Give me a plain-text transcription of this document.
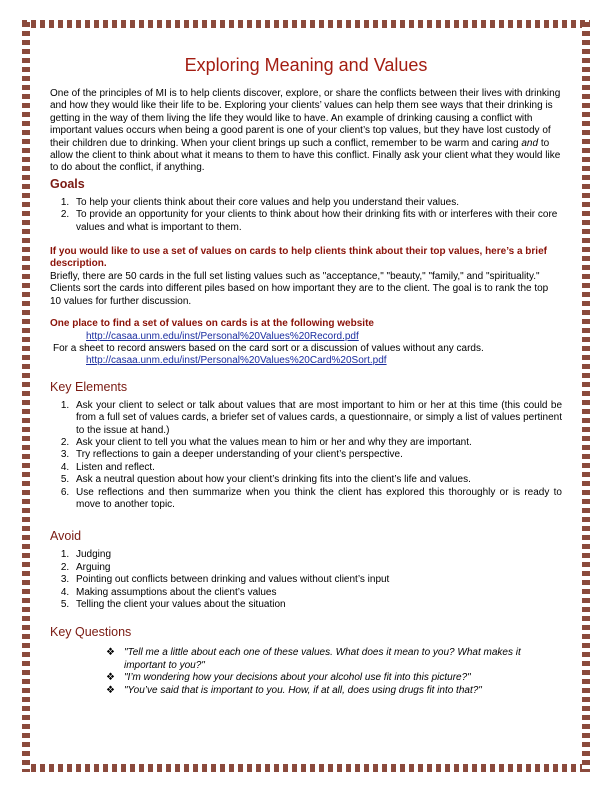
Exploring Meaning and Values

One of the principles of MI is to help clients discover, explore, or share the conflicts between their lives with drinking and how they would like their life to be. Exploring your clients’ values can help them see ways that their drinking is getting in the way of them living the life they would like to have. An example of drinking causing a conflict with important values occurs when being a good parent is one of your client’s top values, but they have lost custody of their children due to drinking. When your client brings up such a conflict, remember to be warm and caring and to allow the client to think about what it means to them to have this conflict. Finally ask your client what they would like to do about the conflict, if anything.

Goals
1. To help your clients think about their core values and help you understand their values.
2. To provide an opportunity for your clients to think about how their drinking fits with or interferes with their core values and what is important to them.

If you would like to use a set of values on cards to help clients think about their top values, here’s a brief description.

Briefly, there are 50 cards in the full set listing values such as "acceptance," "beauty," "family," and "spirituality." Clients sort the cards into different piles based on how important they are to the client. The goal is to rank the top 10 values for further discussion.

One place to find a set of values on cards is at the following website

http://casaa.unm.edu/inst/Personal%20Values%20Record.pdf

For a sheet to record answers based on the card sort or a discussion of values without any cards.

http://casaa.unm.edu/inst/Personal%20Values%20Card%20Sort.pdf

Key Elements
1. Ask your client to select or talk about values that are most important to him or her at this time (this could be from a full set of values cards, a briefer set of values cards, a questionnaire, or simply a list of values pertinent to the issue at hand.)
2. Ask your client to tell you what the values mean to him or her and why they are important.
3. Try reflections to gain a deeper understanding of your client’s perspective.
4. Listen and reflect.
5. Ask a neutral question about how your client’s drinking fits into the client’s life and values.
6. Use reflections and then summarize when you think the client has explored this thoroughly or is ready to move to another topic.
Avoid
1. Judging
2. Arguing
3. Pointing out conflicts between drinking and values without client’s input
4. Making assumptions about the client’s values
5. Telling the client your values about the situation
Key Questions
❖ "Tell me a little about each one of these values. What does it mean to you? What makes it important to you?"
❖ "I’m wondering how your decisions about your alcohol use fit into this picture?"
❖ "You’ve said that is important to you. How, if at all, does using drugs fit into that?"
